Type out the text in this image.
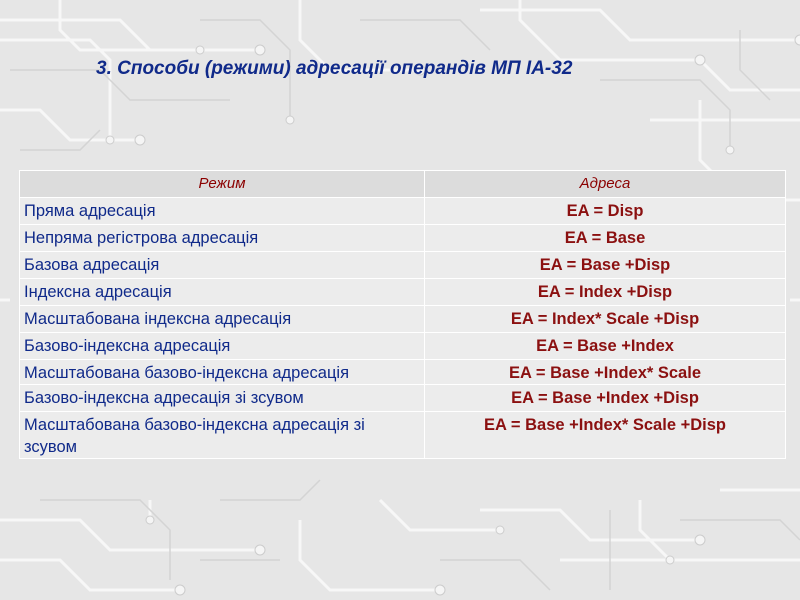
3. Способи (режими) адресації операндів МП ІА-32
Режим	Адреса
Пряма адресація	EA = Disp
Непряма регістрова адресація	EA = Base
Базова адресація	EA = Base +Disp
Індексна адресація	EA = Index +Disp
Масштабована індексна адресація	EA = Index* Scale +Disp
Базово-індексна адресація	EA = Base +Index
Масштабована базово-індексна адресація	EA = Base +Index* Scale
Базово-індексна адресація зі зсувом	EA = Base +Index +Disp
Масштабована базово-індексна адресація зі зсувом	EA = Base +Index* Scale +Disp
